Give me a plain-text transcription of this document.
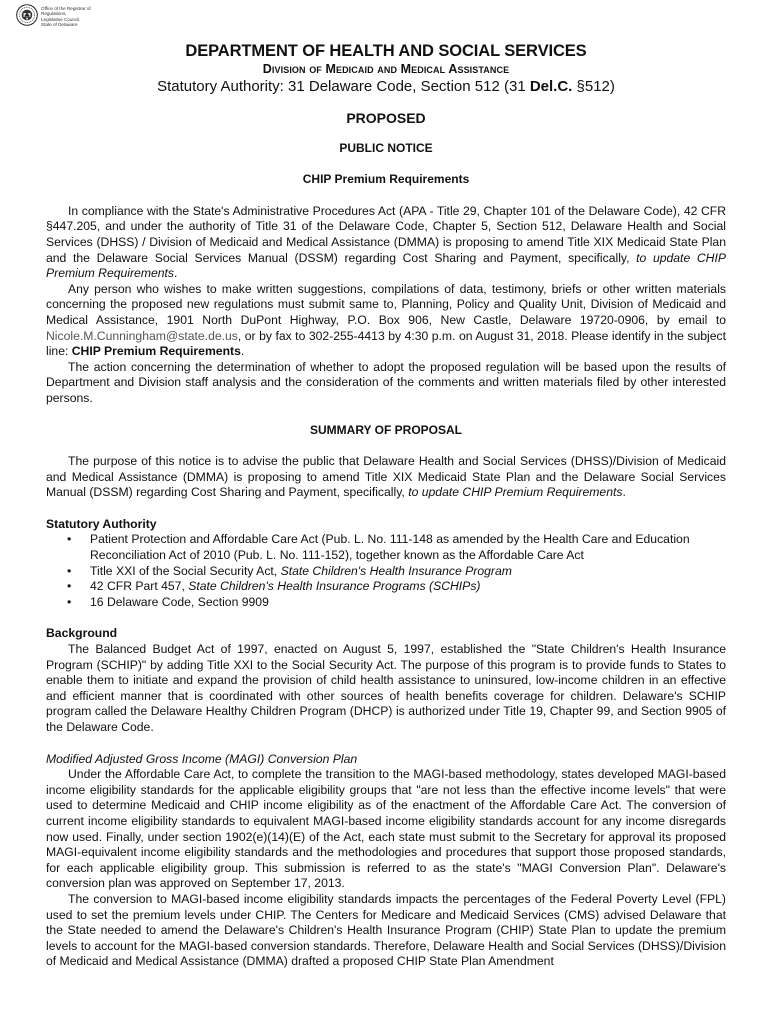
Office of the Registrar of Regulations,
Legislative Council,
State of Delaware
DEPARTMENT OF HEALTH AND SOCIAL SERVICES
Division of Medicaid and Medical Assistance
Statutory Authority: 31 Delaware Code, Section 512 (31 Del.C. §512)
PROPOSED
PUBLIC NOTICE
CHIP Premium Requirements

In compliance with the State's Administrative Procedures Act (APA - Title 29, Chapter 101 of the Delaware Code), 42 CFR §447.205, and under the authority of Title 31 of the Delaware Code, Chapter 5, Section 512, Delaware Health and Social Services (DHSS) / Division of Medicaid and Medical Assistance (DMMA) is proposing to amend Title XIX Medicaid State Plan and the Delaware Social Services Manual (DSSM) regarding Cost Sharing and Payment, specifically, to update CHIP Premium Requirements.

Any person who wishes to make written suggestions, compilations of data, testimony, briefs or other written materials concerning the proposed new regulations must submit same to, Planning, Policy and Quality Unit, Division of Medicaid and Medical Assistance, 1901 North DuPont Highway, P.O. Box 906, New Castle, Delaware 19720-0906, by email to Nicole.M.Cunningham@state.de.us, or by fax to 302-255-4413 by 4:30 p.m. on August 31, 2018. Please identify in the subject line: CHIP Premium Requirements.

The action concerning the determination of whether to adopt the proposed regulation will be based upon the results of Department and Division staff analysis and the consideration of the comments and written materials filed by other interested persons.

SUMMARY OF PROPOSAL

The purpose of this notice is to advise the public that Delaware Health and Social Services (DHSS)/Division of Medicaid and Medical Assistance (DMMA) is proposing to amend Title XIX Medicaid State Plan and the Delaware Social Services Manual (DSSM) regarding Cost Sharing and Payment, specifically, to update CHIP Premium Requirements.

Statutory Authority
• Patient Protection and Affordable Care Act (Pub. L. No. 111-148 as amended by the Health Care and Education Reconciliation Act of 2010 (Pub. L. No. 111-152), together known as the Affordable Care Act
• Title XXI of the Social Security Act, State Children's Health Insurance Program
• 42 CFR Part 457, State Children's Health Insurance Programs (SCHIPs)
• 16 Delaware Code, Section 9909
Background

The Balanced Budget Act of 1997, enacted on August 5, 1997, established the "State Children's Health Insurance Program (SCHIP)" by adding Title XXI to the Social Security Act. The purpose of this program is to provide funds to States to enable them to initiate and expand the provision of child health assistance to uninsured, low-income children in an effective and efficient manner that is coordinated with other sources of health benefits coverage for children. Delaware's SCHIP program called the Delaware Healthy Children Program (DHCP) is authorized under Title 19, Chapter 99, and Section 9905 of the Delaware Code.

Modified Adjusted Gross Income (MAGI) Conversion Plan

Under the Affordable Care Act, to complete the transition to the MAGI-based methodology, states developed MAGI-based income eligibility standards for the applicable eligibility groups that "are not less than the effective income levels" that were used to determine Medicaid and CHIP income eligibility as of the enactment of the Affordable Care Act. The conversion of current income eligibility standards to equivalent MAGI-based income eligibility standards account for any income disregards now used. Finally, under section 1902(e)(14)(E) of the Act, each state must submit to the Secretary for approval its proposed MAGI-equivalent income eligibility standards and the methodologies and procedures that support those proposed standards, for each applicable eligibility group. This submission is referred to as the state's "MAGI Conversion Plan". Delaware's conversion plan was approved on September 17, 2013.

The conversion to MAGI-based income eligibility standards impacts the percentages of the Federal Poverty Level (FPL) used to set the premium levels under CHIP. The Centers for Medicare and Medicaid Services (CMS) advised Delaware that the State needed to amend the Delaware's Children's Health Insurance Program (CHIP) State Plan to update the premium levels to account for the MAGI-based conversion standards. Therefore, Delaware Health and Social Services (DHSS)/Division of Medicaid and Medical Assistance (DMMA) drafted a proposed CHIP State Plan Amendment
